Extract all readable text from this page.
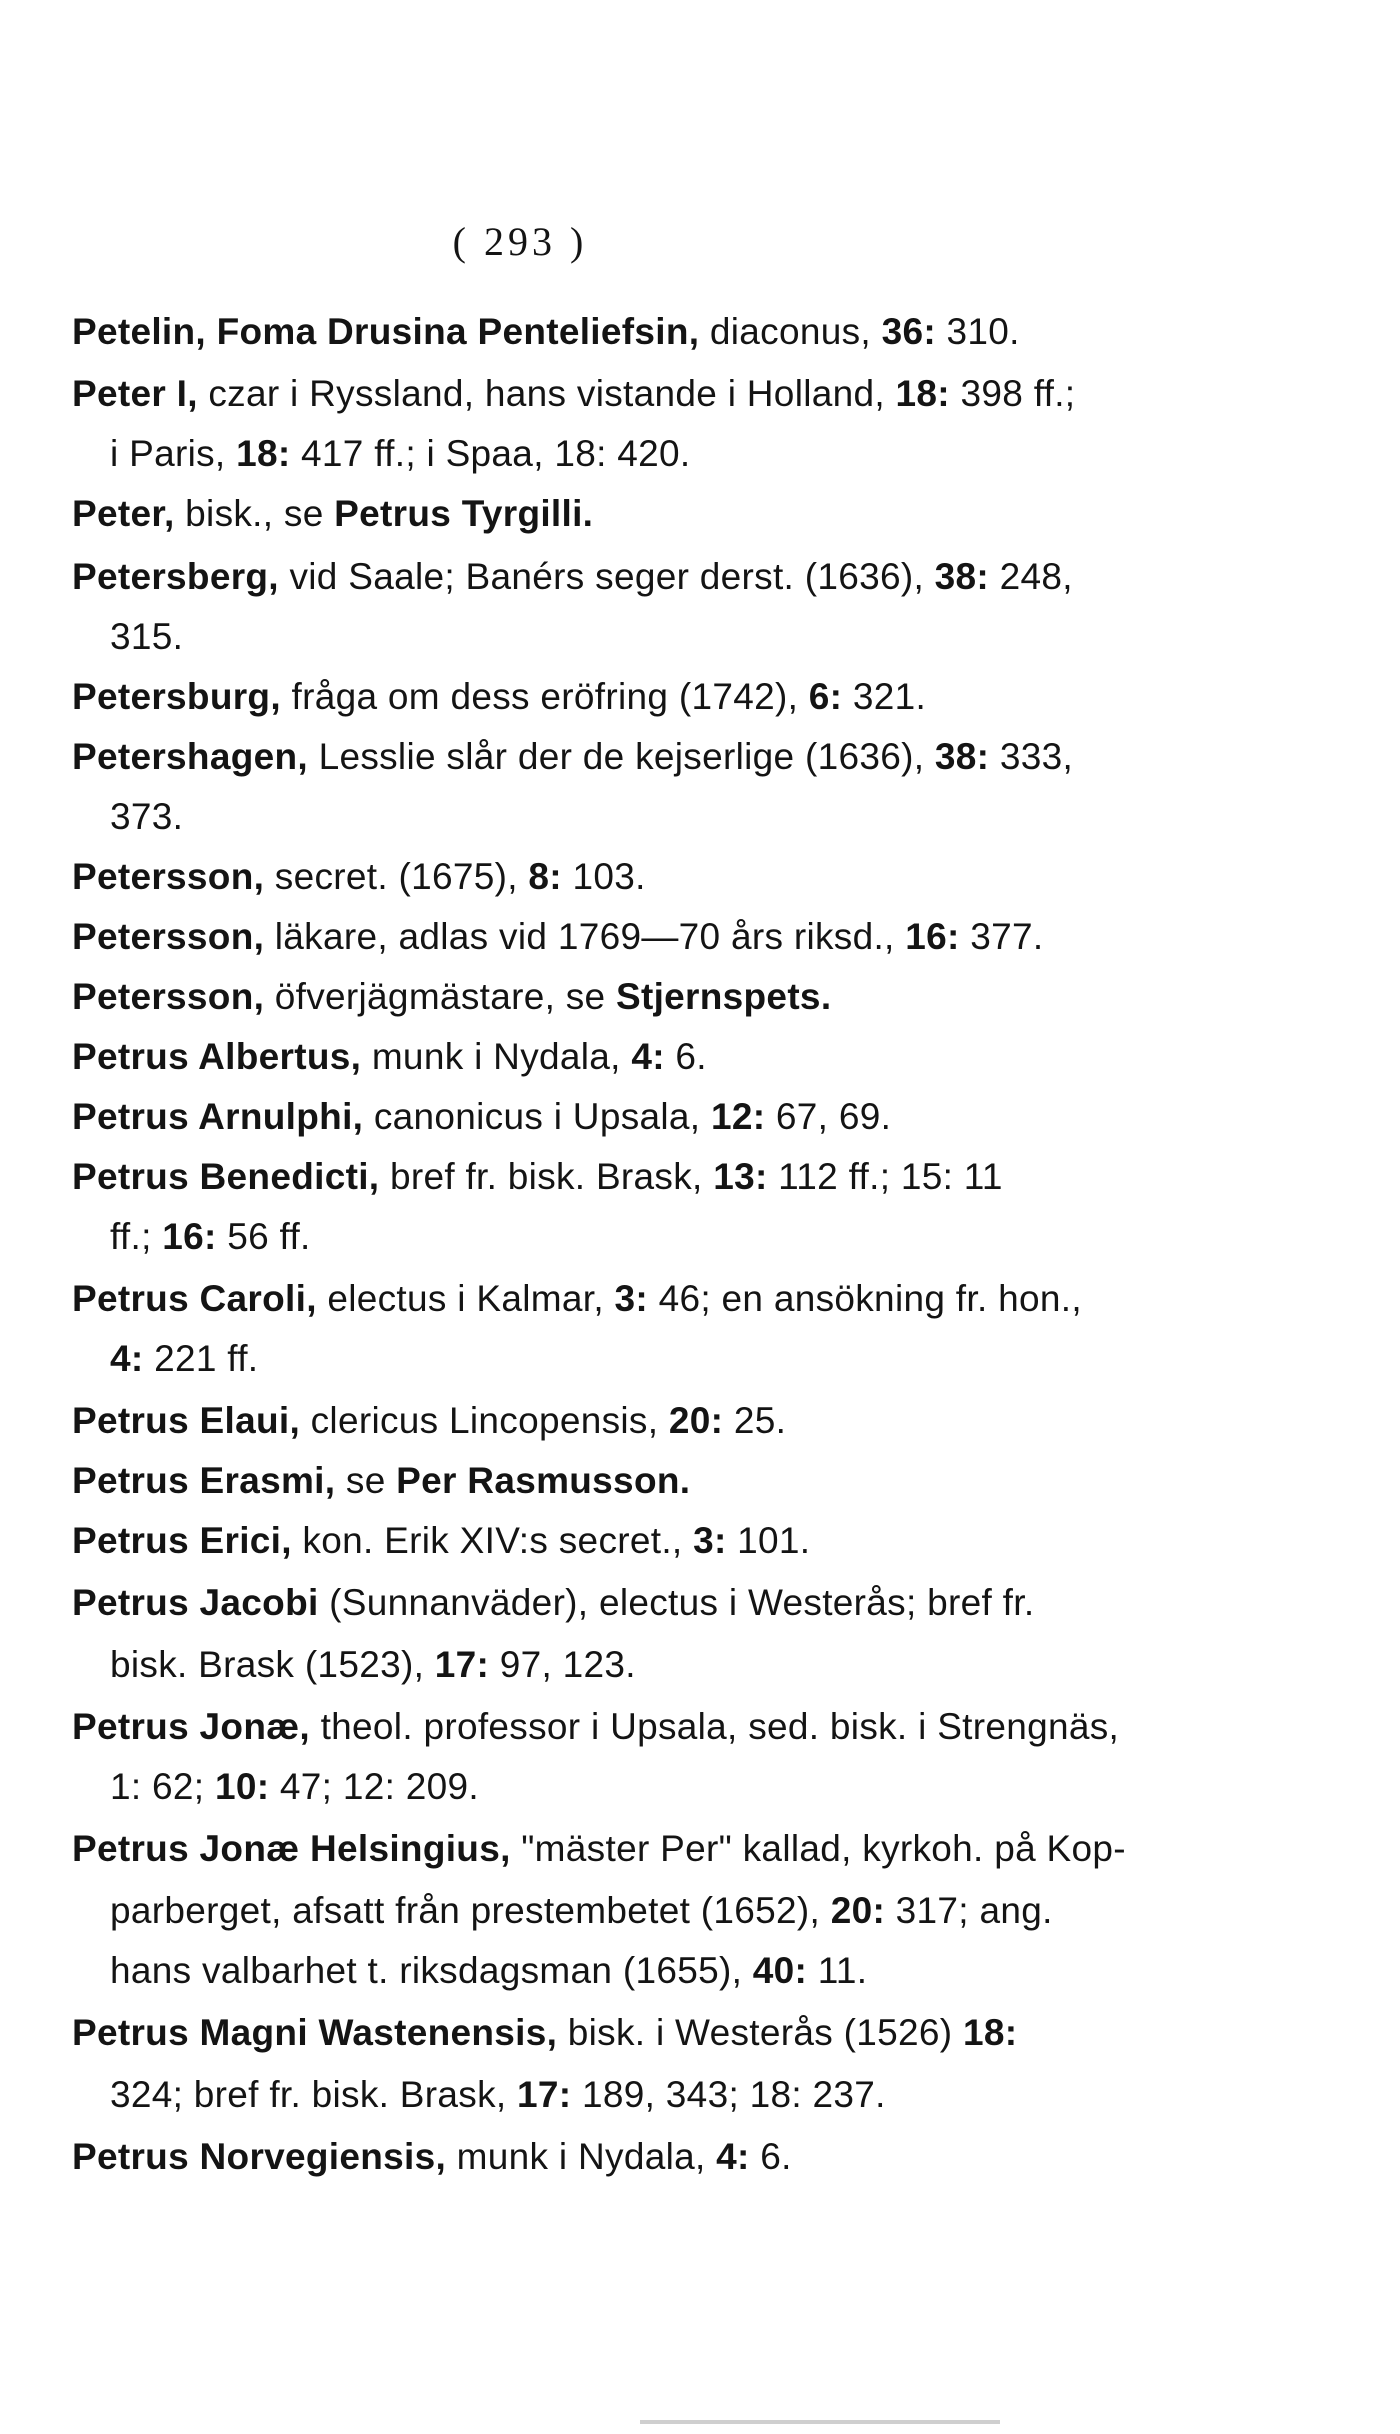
( 293 )
Petelin, Foma Drusina Penteliefsin, diaconus, 36: 310.
Peter I, czar i Ryssland, hans vistande i Holland, 18: 398 ff.;
i Paris, 18: 417 ff.; i Spaa, 18: 420.
Peter, bisk., se Petrus Tyrgilli.
Petersberg, vid Saale; Banérs seger derst. (1636), 38: 248,
315.
Petersburg, fråga om dess eröfring (1742), 6: 321.
Petershagen, Lesslie slår der de kejserlige (1636), 38: 333,
373.
Petersson, secret. (1675), 8: 103.
Petersson, läkare, adlas vid 1769—70 års riksd., 16: 377.
Petersson, öfverjägmästare, se Stjernspets.
Petrus Albertus, munk i Nydala, 4: 6.
Petrus Arnulphi, canonicus i Upsala, 12: 67, 69.
Petrus Benedicti, bref fr. bisk. Brask, 13: 112 ff.; 15: 11
ff.; 16: 56 ff.
Petrus Caroli, electus i Kalmar, 3: 46; en ansökning fr. hon.,
4: 221 ff.
Petrus Elaui, clericus Lincopensis, 20: 25.
Petrus Erasmi, se Per Rasmusson.
Petrus Erici, kon. Erik XIV:s secret., 3: 101.
Petrus Jacobi (Sunnanväder), electus i Westerås; bref fr.
bisk. Brask (1523), 17: 97, 123.
Petrus Jonæ, theol. professor i Upsala, sed. bisk. i Strengnäs,
1: 62; 10: 47; 12: 209.
Petrus Jonæ Helsingius, "mäster Per" kallad, kyrkoh. på Kop-
parberget, afsatt från prestembetet (1652), 20: 317; ang.
hans valbarhet t. riksdagsman (1655), 40: 11.
Petrus Magni Wastenensis, bisk. i Westerås (1526) 18:
324; bref fr. bisk. Brask, 17: 189, 343; 18: 237.
Petrus Norvegiensis, munk i Nydala, 4: 6.
